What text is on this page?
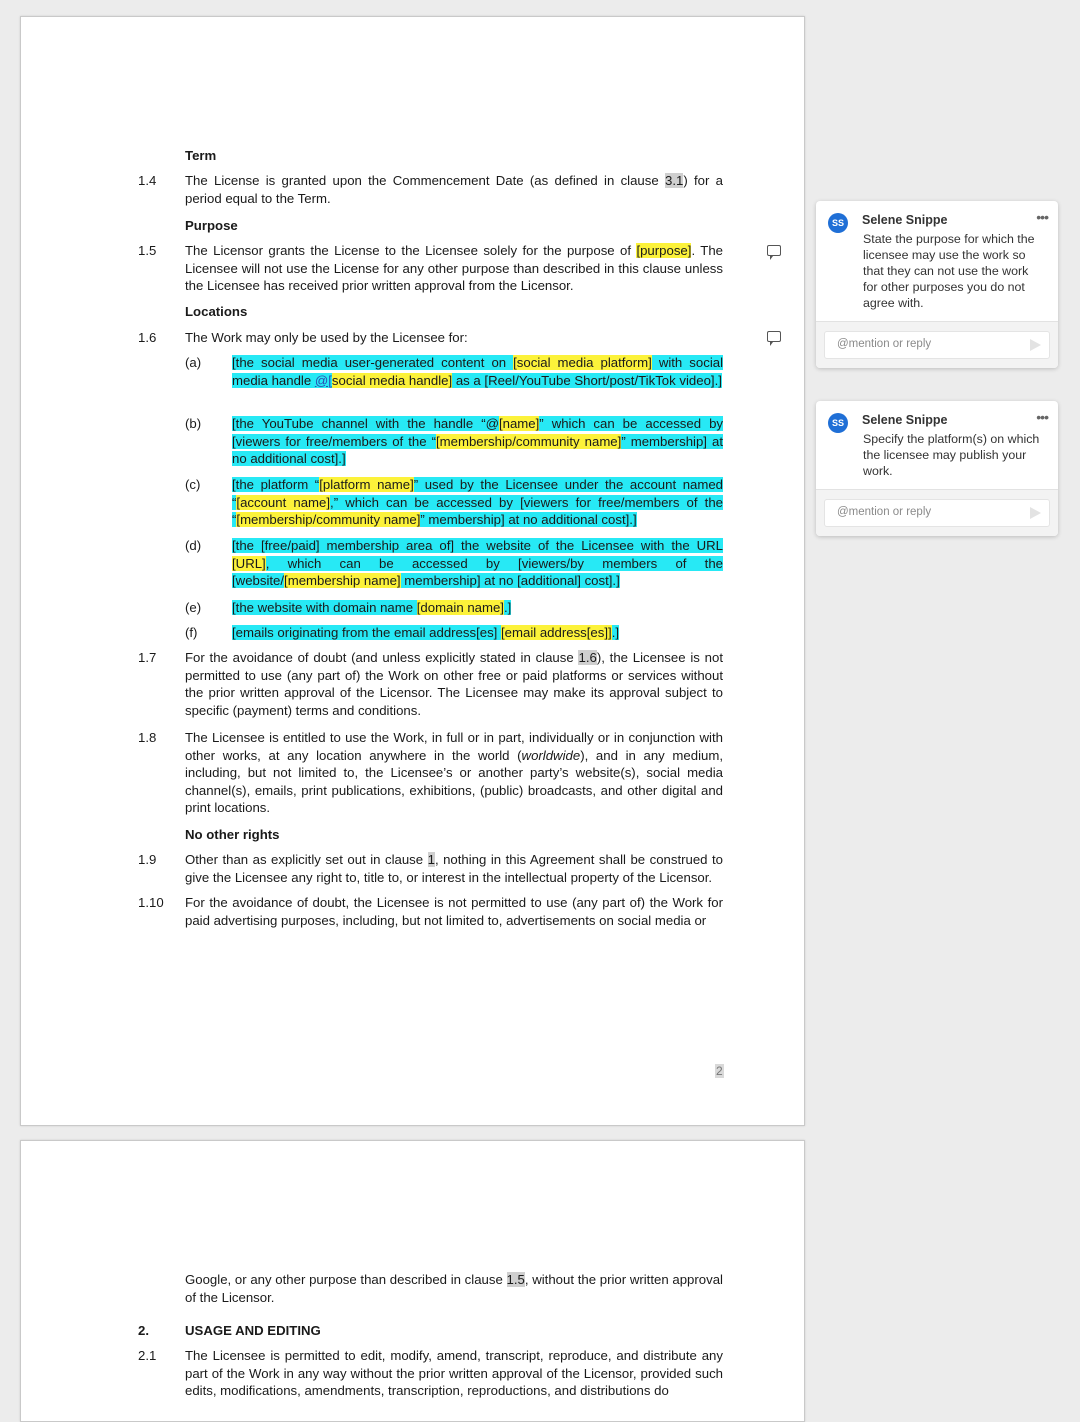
Term
1.4 The License is granted upon the Commencement Date (as defined in clause 3.1) for a period equal to the Term.
Purpose
1.5 The Licensor grants the License to the Licensee solely for the purpose of [purpose]. The Licensee will not use the License for any other purpose than described in this clause unless the Licensee has received prior written approval from the Licensor.
Locations
1.6 The Work may only be used by the Licensee for:
(a) [the social media user-generated content on [social media platform] with social media handle @[social media handle] as a [Reel/YouTube Short/post/TikTok video].]
(b) [the YouTube channel with the handle “@[name]” which can be accessed by [viewers for free/members of the “[membership/community name]” membership] at no additional cost].]
(c) [the platform “[platform name]” used by the Licensee under the account named “[account name],” which can be accessed by [viewers for free/members of the “[membership/community name]” membership] at no additional cost].]
(d) [the [free/paid] membership area of] the website of the Licensee with the URL [URL], which can be accessed by [viewers/by members of the [website/[membership name] membership] at no [additional] cost].]
(e) [the website with domain name [domain name].]
(f)	[emails originating from the email address[es] [email address[es]].]
1.7 For the avoidance of doubt (and unless explicitly stated in clause 1.6), the Licensee is not permitted to use (any part of) the Work on other free or paid platforms or services without the prior written approval of the Licensor. The Licensee may make its approval subject to specific (payment) terms and conditions.
1.8 The Licensee is entitled to use the Work, in full or in part, individually or in conjunction with other works, at any location anywhere in the world (worldwide), and in any medium, including, but not limited to, the Licensee’s or another party’s website(s), social media channel(s), emails, print publications, exhibitions, (public) broadcasts, and other digital and print locations.
No other rights
1.9 Other than as explicitly set out in clause 1, nothing in this Agreement shall be construed to give the Licensee any right to, title to, or interest in the intellectual property of the Licensor.
1.10 For the avoidance of doubt, the Licensee is not permitted to use (any part of) the Work for paid advertising purposes, including, but not limited to, advertisements on social media or
2
Google, or any other purpose than described in clause 1.5, without the prior written approval of the Licensor.
2.	USAGE AND EDITING
2.1 The Licensee is permitted to edit, modify, amend, transcript, reproduce, and distribute any part of the Work in any way without the prior written approval of the Licensor, provided such edits, modifications, amendments, transcription, reproductions, and distributions do
SS	Selene Snippe	•••
State the purpose for which the licensee may use the work so that they can not use the work for other purposes you do not agree with.
@mention or reply
SS	Selene Snippe	•••
Specify the platform(s) on which the licensee may publish your work.
@mention or reply
